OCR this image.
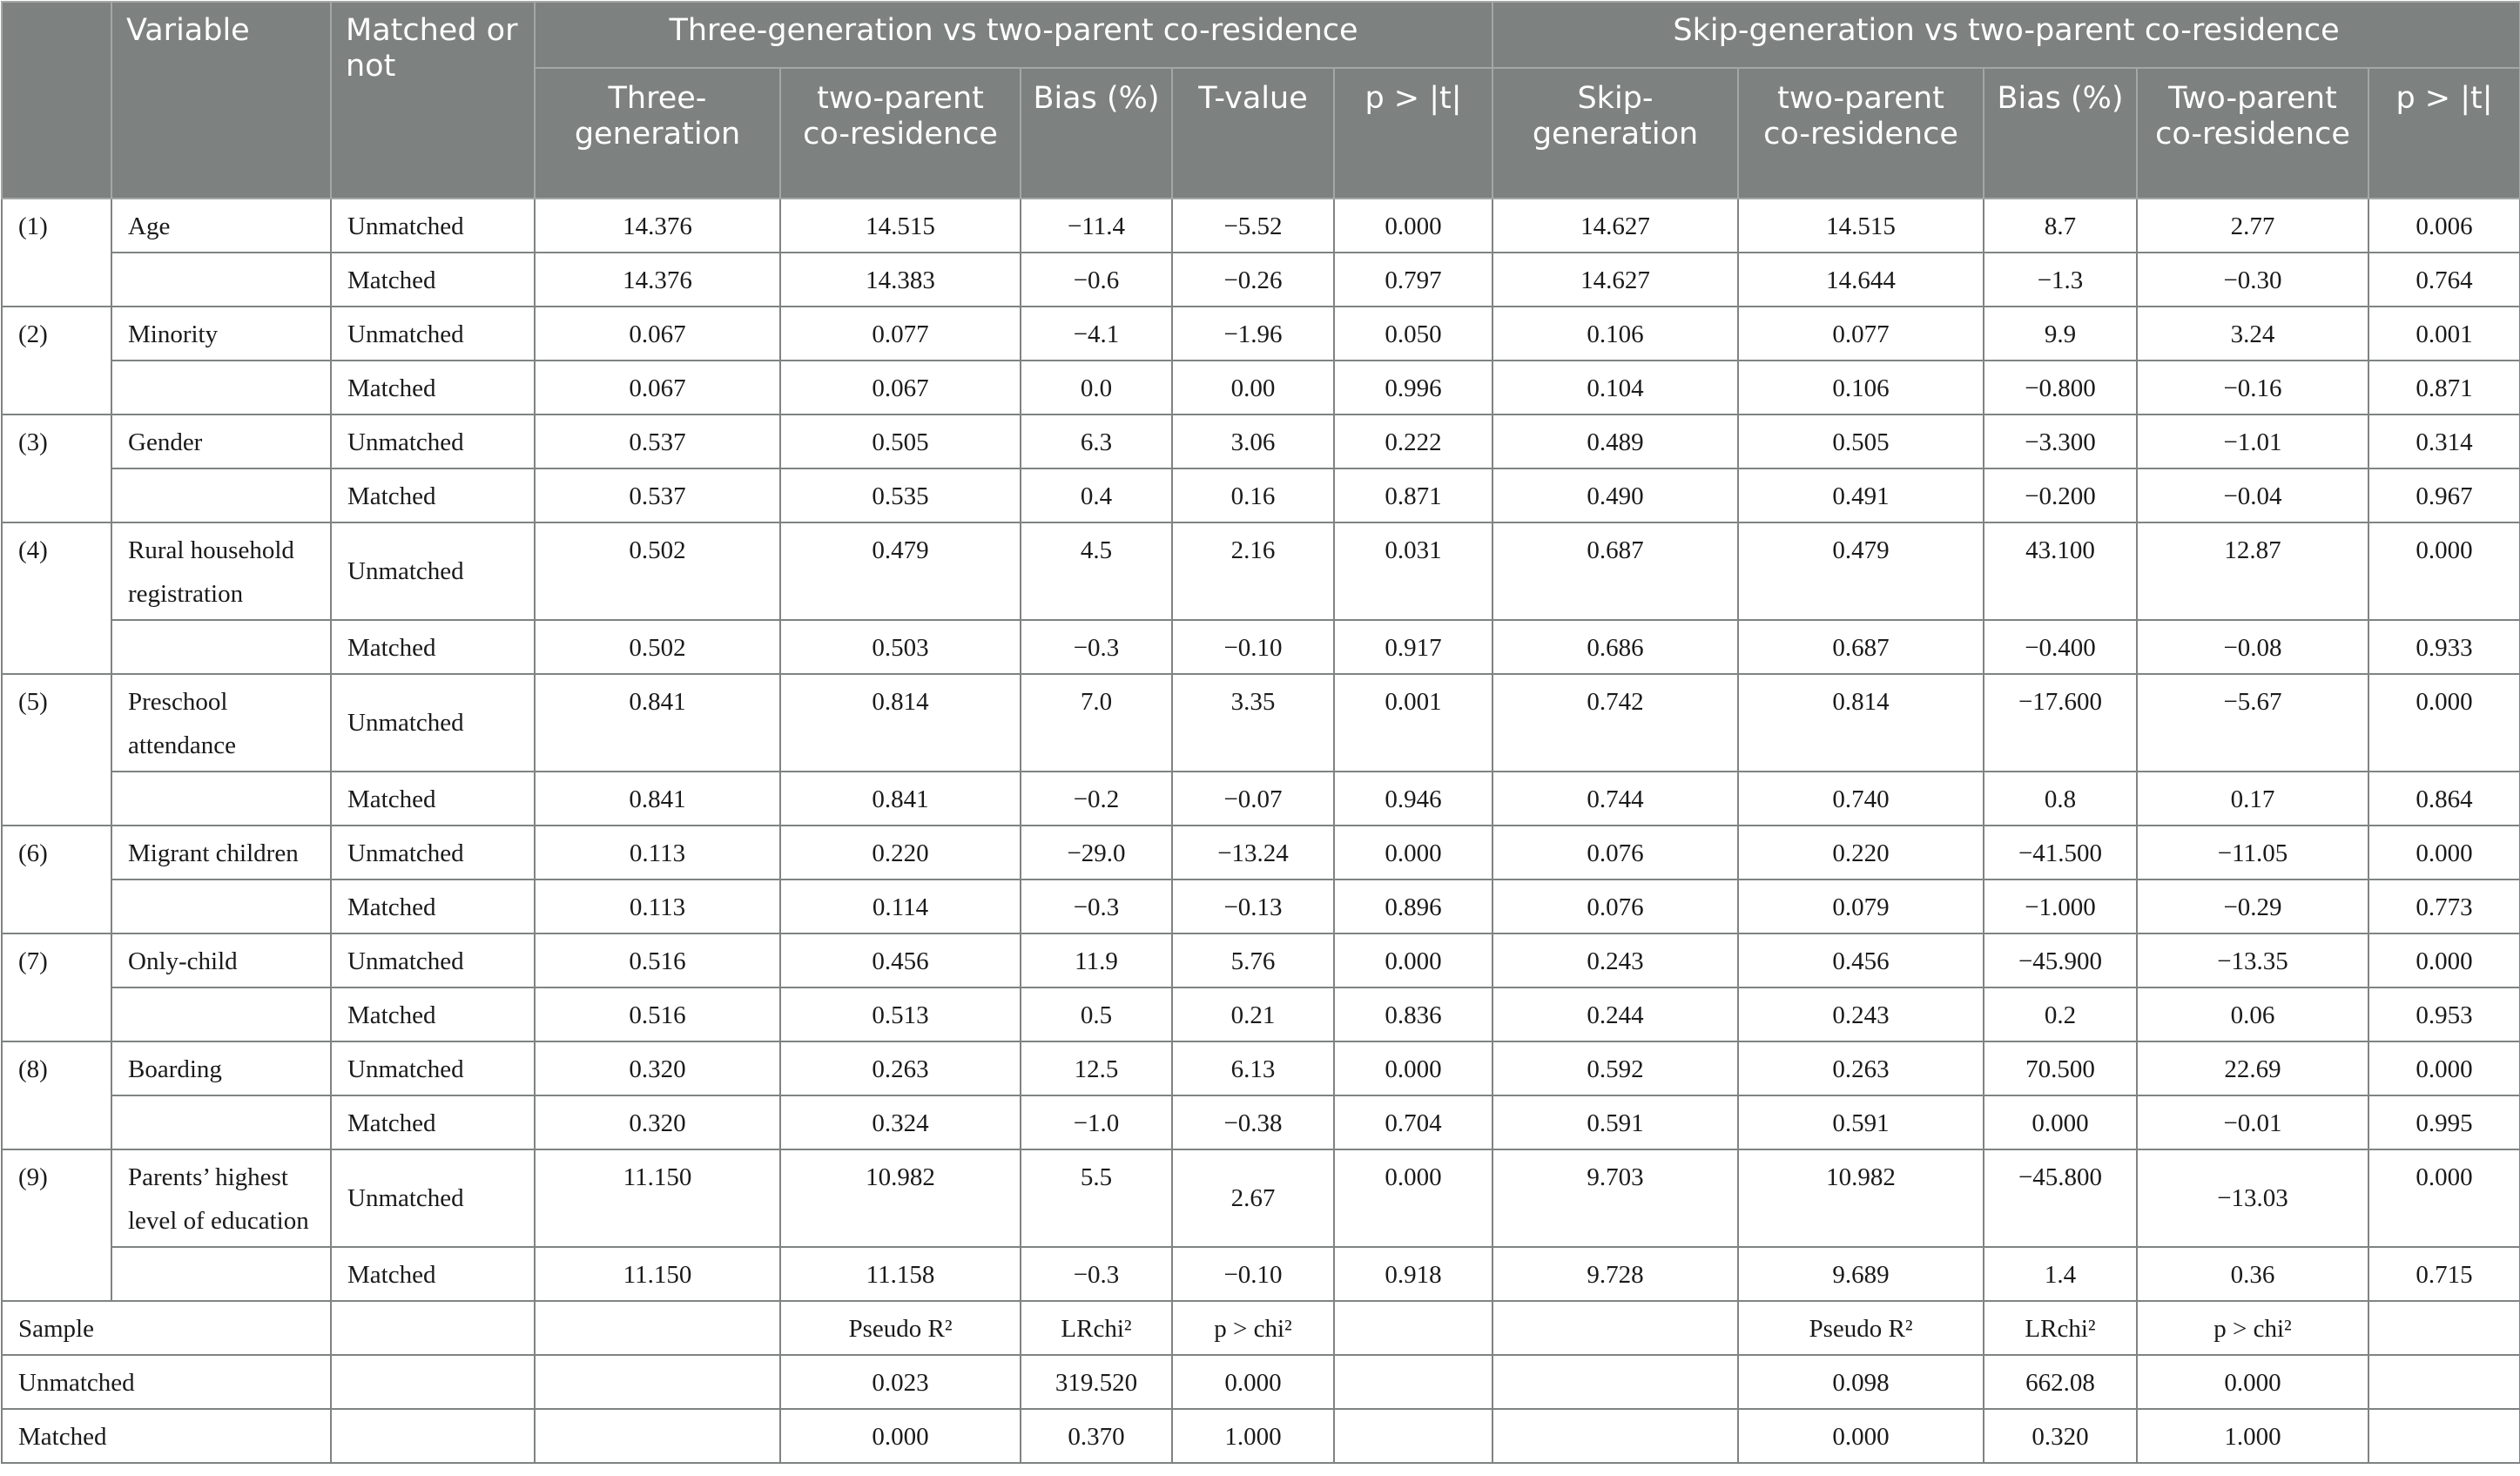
	Variable	Matched or not	Three-generation vs two-parent co-residence					Skip-generation vs two-parent co-residence				
			Three-generation	two-parent co-residence	Bias (%)	T-value	p > |t|	Skip-generation	two-parent co-residence	Bias (%)	Two-parent co-residence	p > |t|
(1)	Age	Unmatched	14.376	14.515	−11.4	−5.52	0.000	14.627	14.515	8.7	2.77	0.006
		Matched	14.376	14.383	−0.6	−0.26	0.797	14.627	14.644	−1.3	−0.30	0.764
(2)	Minority	Unmatched	0.067	0.077	−4.1	−1.96	0.050	0.106	0.077	9.9	3.24	0.001
		Matched	0.067	0.067	0.0	0.00	0.996	0.104	0.106	−0.800	−0.16	0.871
(3)	Gender	Unmatched	0.537	0.505	6.3	3.06	0.222	0.489	0.505	−3.300	−1.01	0.314
		Matched	0.537	0.535	0.4	0.16	0.871	0.490	0.491	−0.200	−0.04	0.967
(4)	Rural household registration	Unmatched	0.502	0.479	4.5	2.16	0.031	0.687	0.479	43.100	12.87	0.000
		Matched	0.502	0.503	−0.3	−0.10	0.917	0.686	0.687	−0.400	−0.08	0.933
(5)	Preschool attendance	Unmatched	0.841	0.814	7.0	3.35	0.001	0.742	0.814	−17.600	−5.67	0.000
		Matched	0.841	0.841	−0.2	−0.07	0.946	0.744	0.740	0.8	0.17	0.864
(6)	Migrant children	Unmatched	0.113	0.220	−29.0	−13.24	0.000	0.076	0.220	−41.500	−11.05	0.000
		Matched	0.113	0.114	−0.3	−0.13	0.896	0.076	0.079	−1.000	−0.29	0.773
(7)	Only-child	Unmatched	0.516	0.456	11.9	5.76	0.000	0.243	0.456	−45.900	−13.35	0.000
		Matched	0.516	0.513	0.5	0.21	0.836	0.244	0.243	0.2	0.06	0.953
(8)	Boarding	Unmatched	0.320	0.263	12.5	6.13	0.000	0.592	0.263	70.500	22.69	0.000
		Matched	0.320	0.324	−1.0	−0.38	0.704	0.591	0.591	0.000	−0.01	0.995
(9)	Parents’ highest level of education	Unmatched	11.150	10.982	5.5	2.67	0.000	9.703	10.982	−45.800	−13.03	0.000
		Matched	11.150	11.158	−0.3	−0.10	0.918	9.728	9.689	1.4	0.36	0.715
Sample				Pseudo R²	LRchi²	p > chi²			Pseudo R²	LRchi²	p > chi²	
Unmatched				0.023	319.520	0.000			0.098	662.08	0.000	
Matched				0.000	0.370	1.000			0.000	0.320	1.000	
